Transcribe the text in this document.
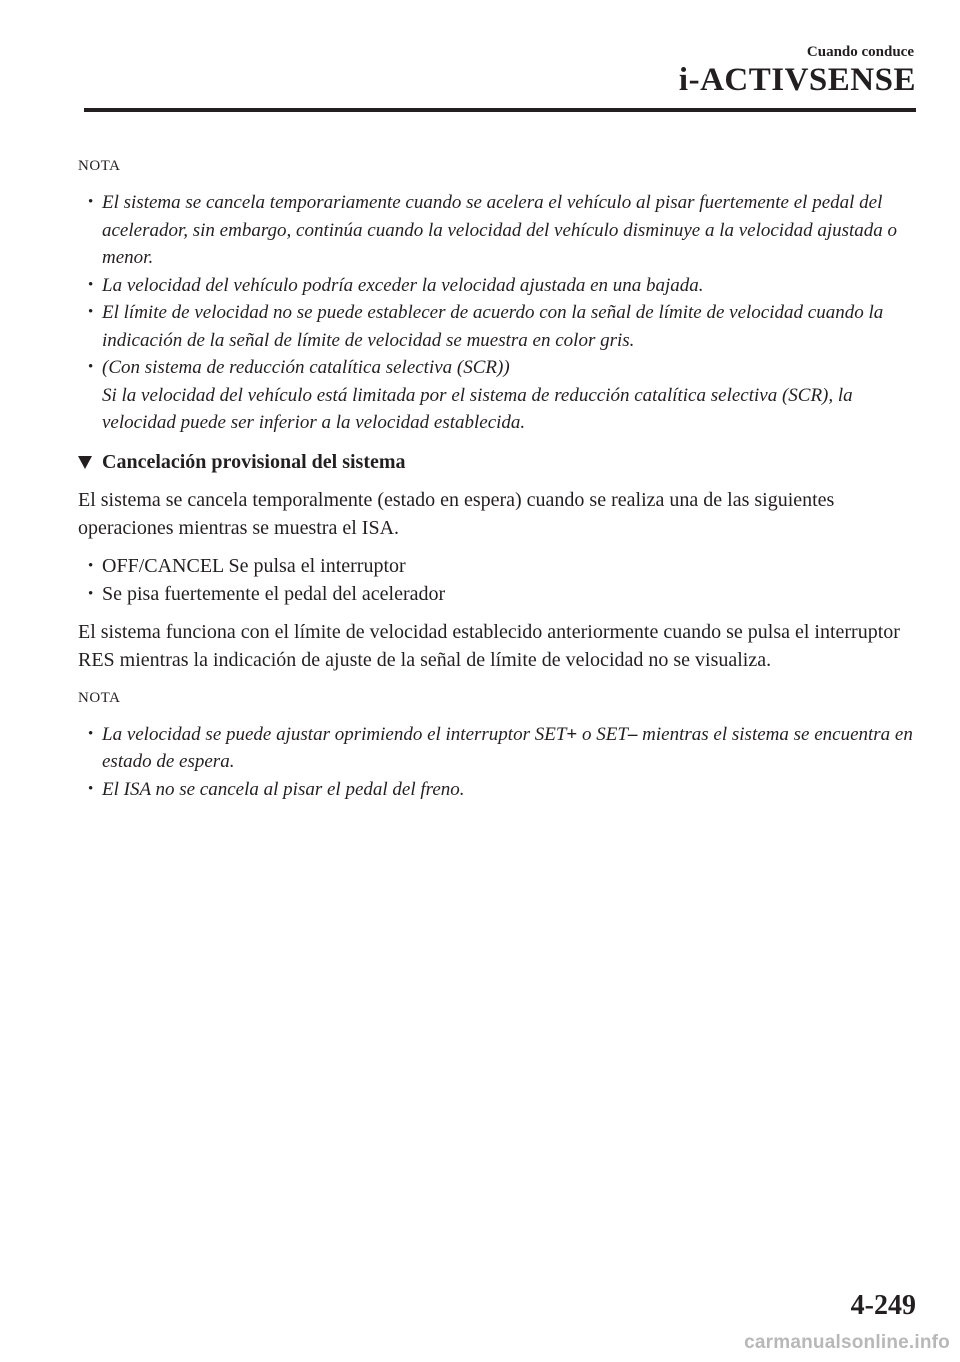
Cuando conduce
i-ACTIVSENSE
NOTA
• El sistema se cancela temporariamente cuando se acelera el vehículo al pisar fuertemente el pedal del acelerador, sin embargo, continúa cuando la velocidad del vehículo disminuye a la velocidad ajustada o menor.
• La velocidad del vehículo podría exceder la velocidad ajustada en una bajada.
• El límite de velocidad no se puede establecer de acuerdo con la señal de límite de velocidad cuando la indicación de la señal de límite de velocidad se muestra en color gris.
• (Con sistema de reducción catalítica selectiva (SCR))
Si la velocidad del vehículo está limitada por el sistema de reducción catalítica selectiva (SCR), la velocidad puede ser inferior a la velocidad establecida.
Cancelación provisional del sistema

El sistema se cancela temporalmente (estado en espera) cuando se realiza una de las siguientes operaciones mientras se muestra el ISA.

• OFF/CANCEL Se pulsa el interruptor
• Se pisa fuertemente el pedal del acelerador

El sistema funciona con el límite de velocidad establecido anteriormente cuando se pulsa el interruptor RES mientras la indicación de ajuste de la señal de límite de velocidad no se visualiza.

NOTA
• La velocidad se puede ajustar oprimiendo el interruptor SET+ o SET– mientras el sistema se encuentra en estado de espera.
• El ISA no se cancela al pisar el pedal del freno.
4-249
carmanualsonline.info
